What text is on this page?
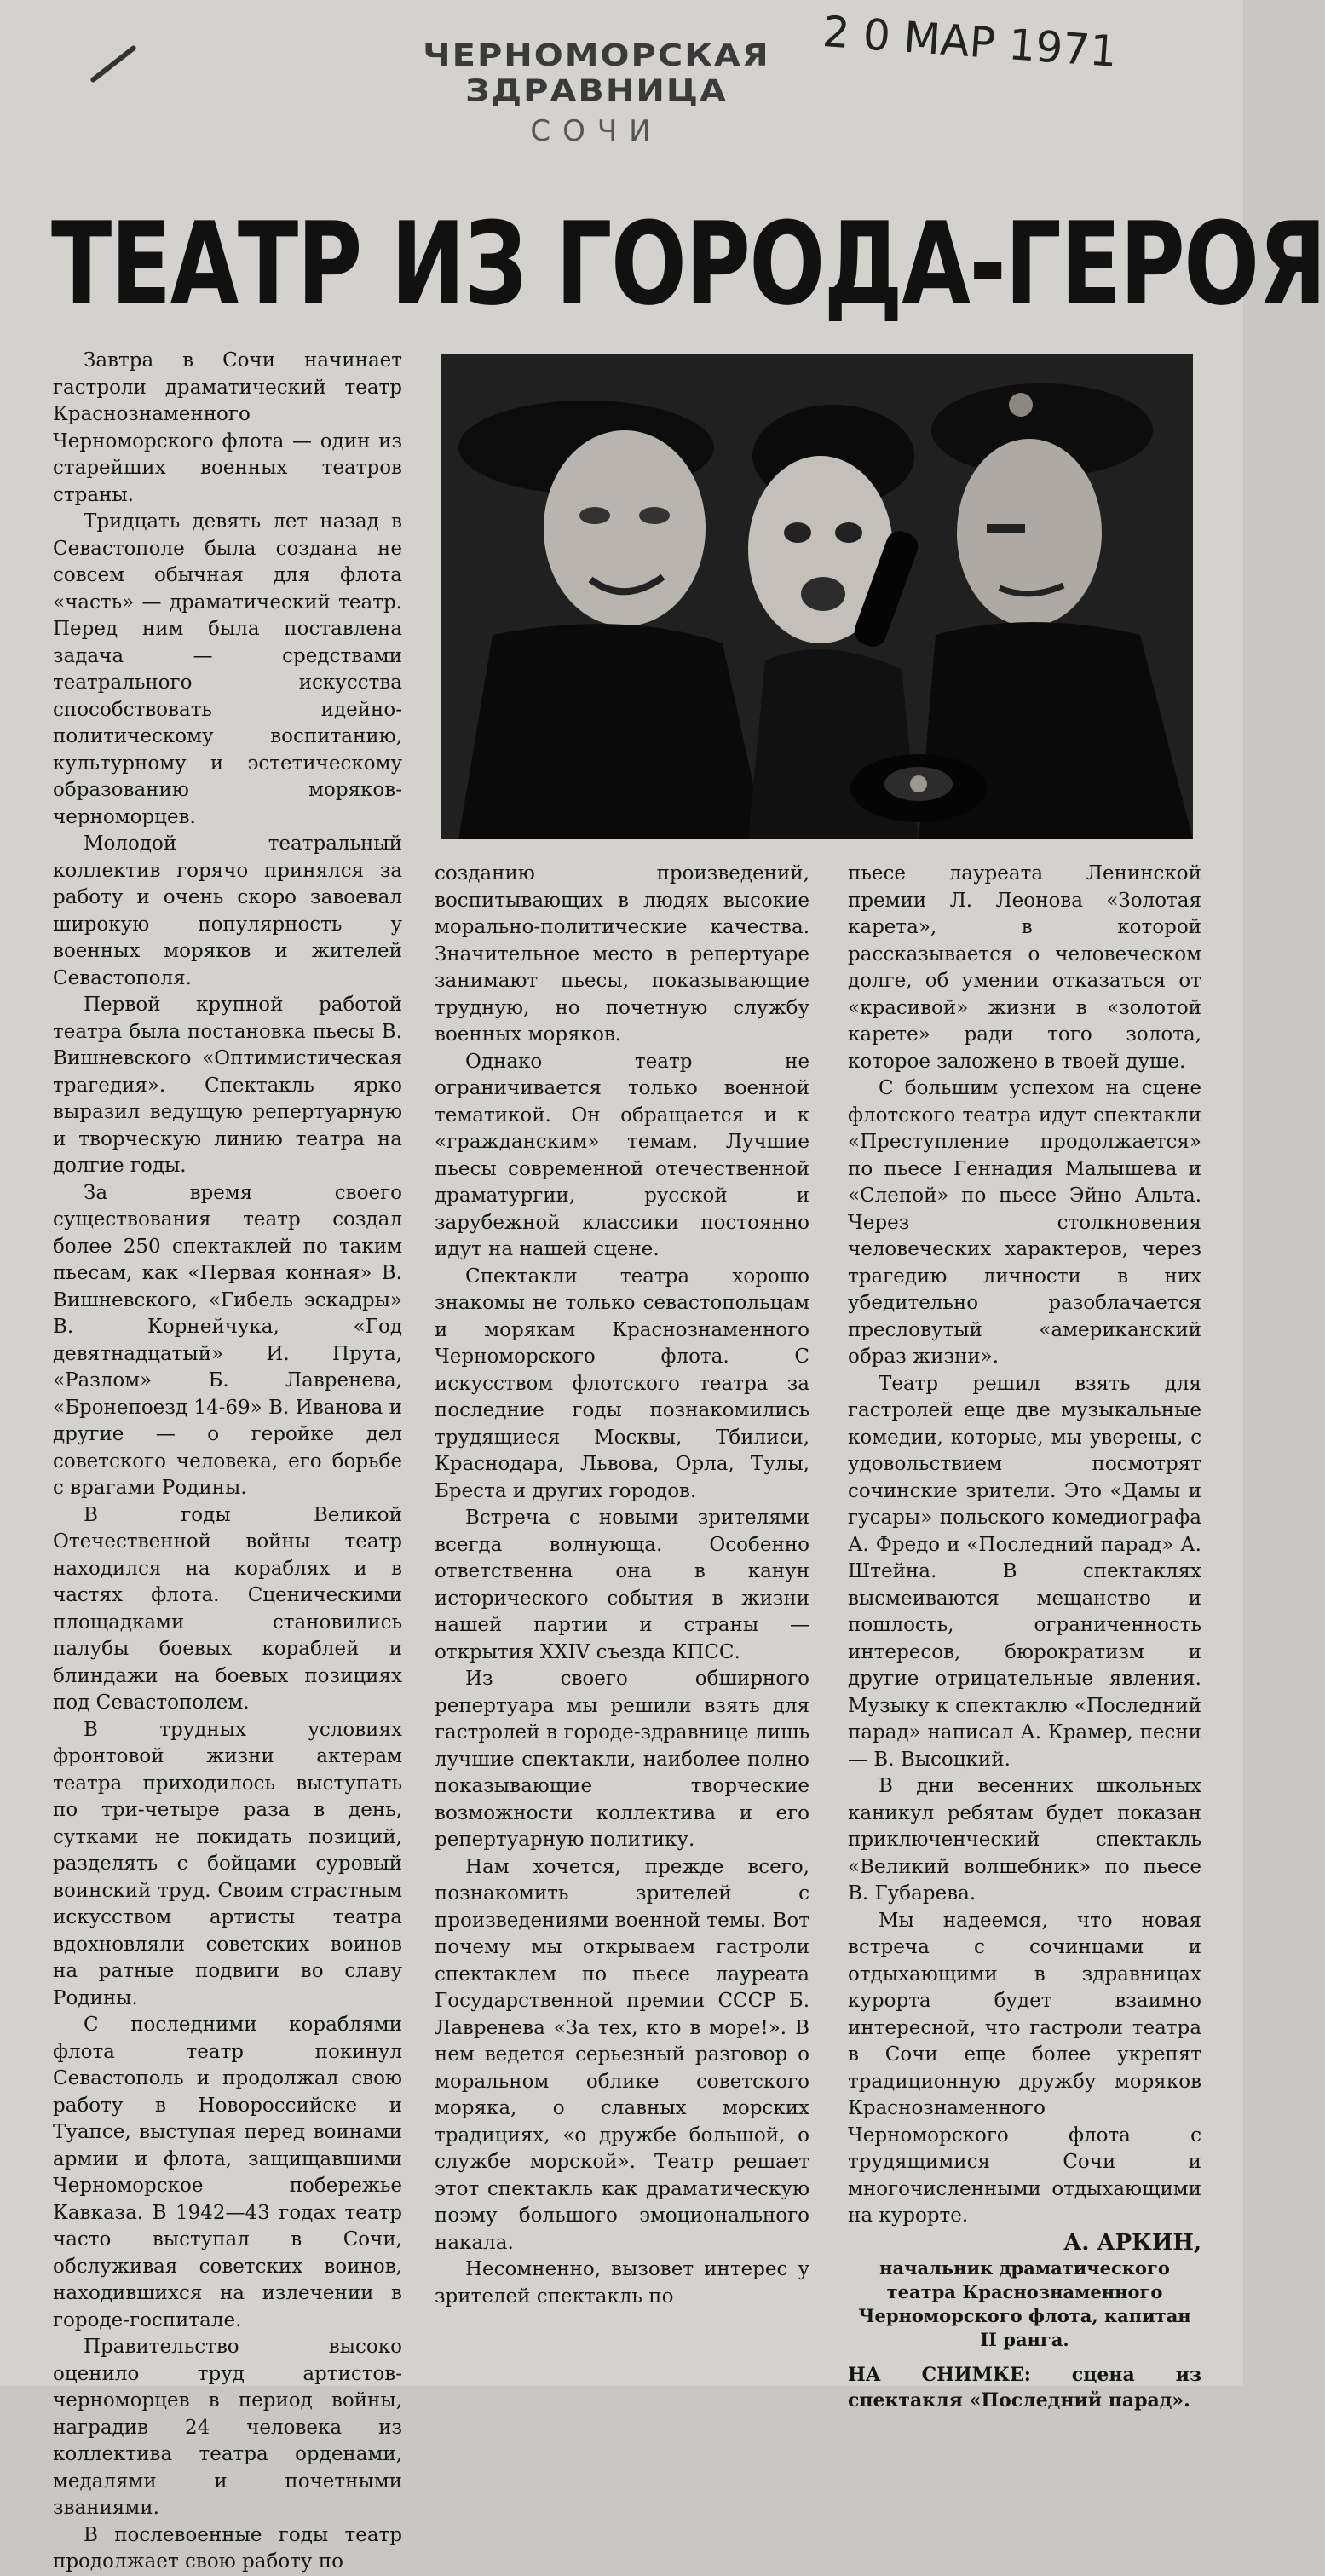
ЧЕРНОМОРСКАЯ ЗДРАВНИЦА
СОЧИ
2 0 МАР 1971
ТЕАТР ИЗ ГОРОДА-ГЕРОЯ

Завтра в Сочи начинает гастроли драматический театр Краснознаменного Черноморского флота — один из старейших военных театров страны.

Тридцать девять лет назад в Севастополе была создана не совсем обычная для флота «часть» — драматический театр. Перед ним была поставлена задача — средствами театрального искусства способствовать идейно-политическому воспитанию, культурному и эстетическому образованию моряков-черноморцев.

Молодой театральный коллектив горячо принялся за работу и очень скоро завоевал широкую популярность у военных моряков и жителей Севастополя.

Первой крупной работой театра была постановка пьесы В. Вишневского «Оптимистическая трагедия». Спектакль ярко выразил ведущую репертуарную и творческую линию театра на долгие годы.

За время своего существования театр создал более 250 спектаклей по таким пьесам, как «Первая конная» В. Вишневского, «Гибель эскадры» В. Корнейчука, «Год девятнадцатый» И. Прута, «Разлом» Б. Лавренева, «Бронепоезд 14-69» В. Иванова и другие — о геройке дел советского человека, его борьбе с врагами Родины.

В годы Великой Отечественной войны театр находился на кораблях и в частях флота. Сценическими площадками становились палубы боевых кораблей и блиндажи на боевых позициях под Севастополем.

В трудных условиях фронтовой жизни актерам театра приходилось выступать по три-четыре раза в день, сутками не покидать позиций, разделять с бойцами суровый воинский труд. Своим страстным искусством артисты театра вдохновляли советских воинов на ратные подвиги во славу Родины.

С последними кораблями флота театр покинул Севастополь и продолжал свою работу в Новороссийске и Туапсе, выступая перед воинами армии и флота, защищавшими Черноморское побережье Кавказа. В 1942—43 годах театр часто выступал в Сочи, обслуживая советских воинов, находившихся на излечении в городе-госпитале.

Правительство высоко оценило труд артистов-черноморцев в период войны, наградив 24 человека из коллектива театра орденами, медалями и почетными званиями.

В послевоенные годы театр продолжает свою работу по

созданию произведений, воспитывающих в людях высокие морально-политические качества. Значительное место в репертуаре занимают пьесы, показывающие трудную, но почетную службу военных моряков.

Однако театр не ограничивается только военной тематикой. Он обращается и к «гражданским» темам. Лучшие пьесы современной отечественной драматургии, русской и зарубежной классики постоянно идут на нашей сцене.

Спектакли театра хорошо знакомы не только севастопольцам и морякам Краснознаменного Черноморского флота. С искусством флотского театра за последние годы познакомились трудящиеся Москвы, Тбилиси, Краснодара, Львова, Орла, Тулы, Бреста и других городов.

Встреча с новыми зрителями всегда волнующа. Особенно ответственна она в канун исторического события в жизни нашей партии и страны — открытия XXIV съезда КПСС.

Из своего обширного репертуара мы решили взять для гастролей в городе-здравнице лишь лучшие спектакли, наиболее полно показывающие творческие возможности коллектива и его репертуарную политику.

Нам хочется, прежде всего, познакомить зрителей с произведениями военной темы. Вот почему мы открываем гастроли спектаклем по пьесе лауреата Государственной премии СССР Б. Лавренева «За тех, кто в море!». В нем ведется серьезный разговор о моральном облике советского моряка, о славных морских традициях, «о дружбе большой, о службе морской». Театр решает этот спектакль как драматическую поэму большого эмоционального накала.

Несомненно, вызовет интерес у зрителей спектакль по

пьесе лауреата Ленинской премии Л. Леонова «Золотая карета», в которой рассказывается о человеческом долге, об умении отказаться от «красивой» жизни в «золотой карете» ради того золота, которое заложено в твоей душе.

С большим успехом на сцене флотского театра идут спектакли «Преступление продолжается» по пьесе Геннадия Малышева и «Слепой» по пьесе Эйно Альта. Через столкновения человеческих характеров, через трагедию личности в них убедительно разоблачается пресловутый «американский образ жизни».

Театр решил взять для гастролей еще две музыкальные комедии, которые, мы уверены, с удовольствием посмотрят сочинские зрители. Это «Дамы и гусары» польского комедиографа А. Фредо и «Последний парад» А. Штейна. В спектаклях высмеиваются мещанство и пошлость, ограниченность интересов, бюрократизм и другие отрицательные явления. Музыку к спектаклю «Последний парад» написал А. Крамер, песни — В. Высоцкий.

В дни весенних школьных каникул ребятам будет показан приключенческий спектакль «Великий волшебник» по пьесе В. Губарева.

Мы надеемся, что новая встреча с сочинцами и отдыхающими в здравницах курорта будет взаимно интересной, что гастроли театра в Сочи еще более укрепят традиционную дружбу моряков Краснознаменного Черноморского флота с трудящимися Сочи и многочисленными отдыхающими на курорте.

А. АРКИН,

начальник драматического театра Краснознаменного Черноморского флота, капитан II ранга.

НА СНИМКЕ: сцена из спектакля «Последний парад».
